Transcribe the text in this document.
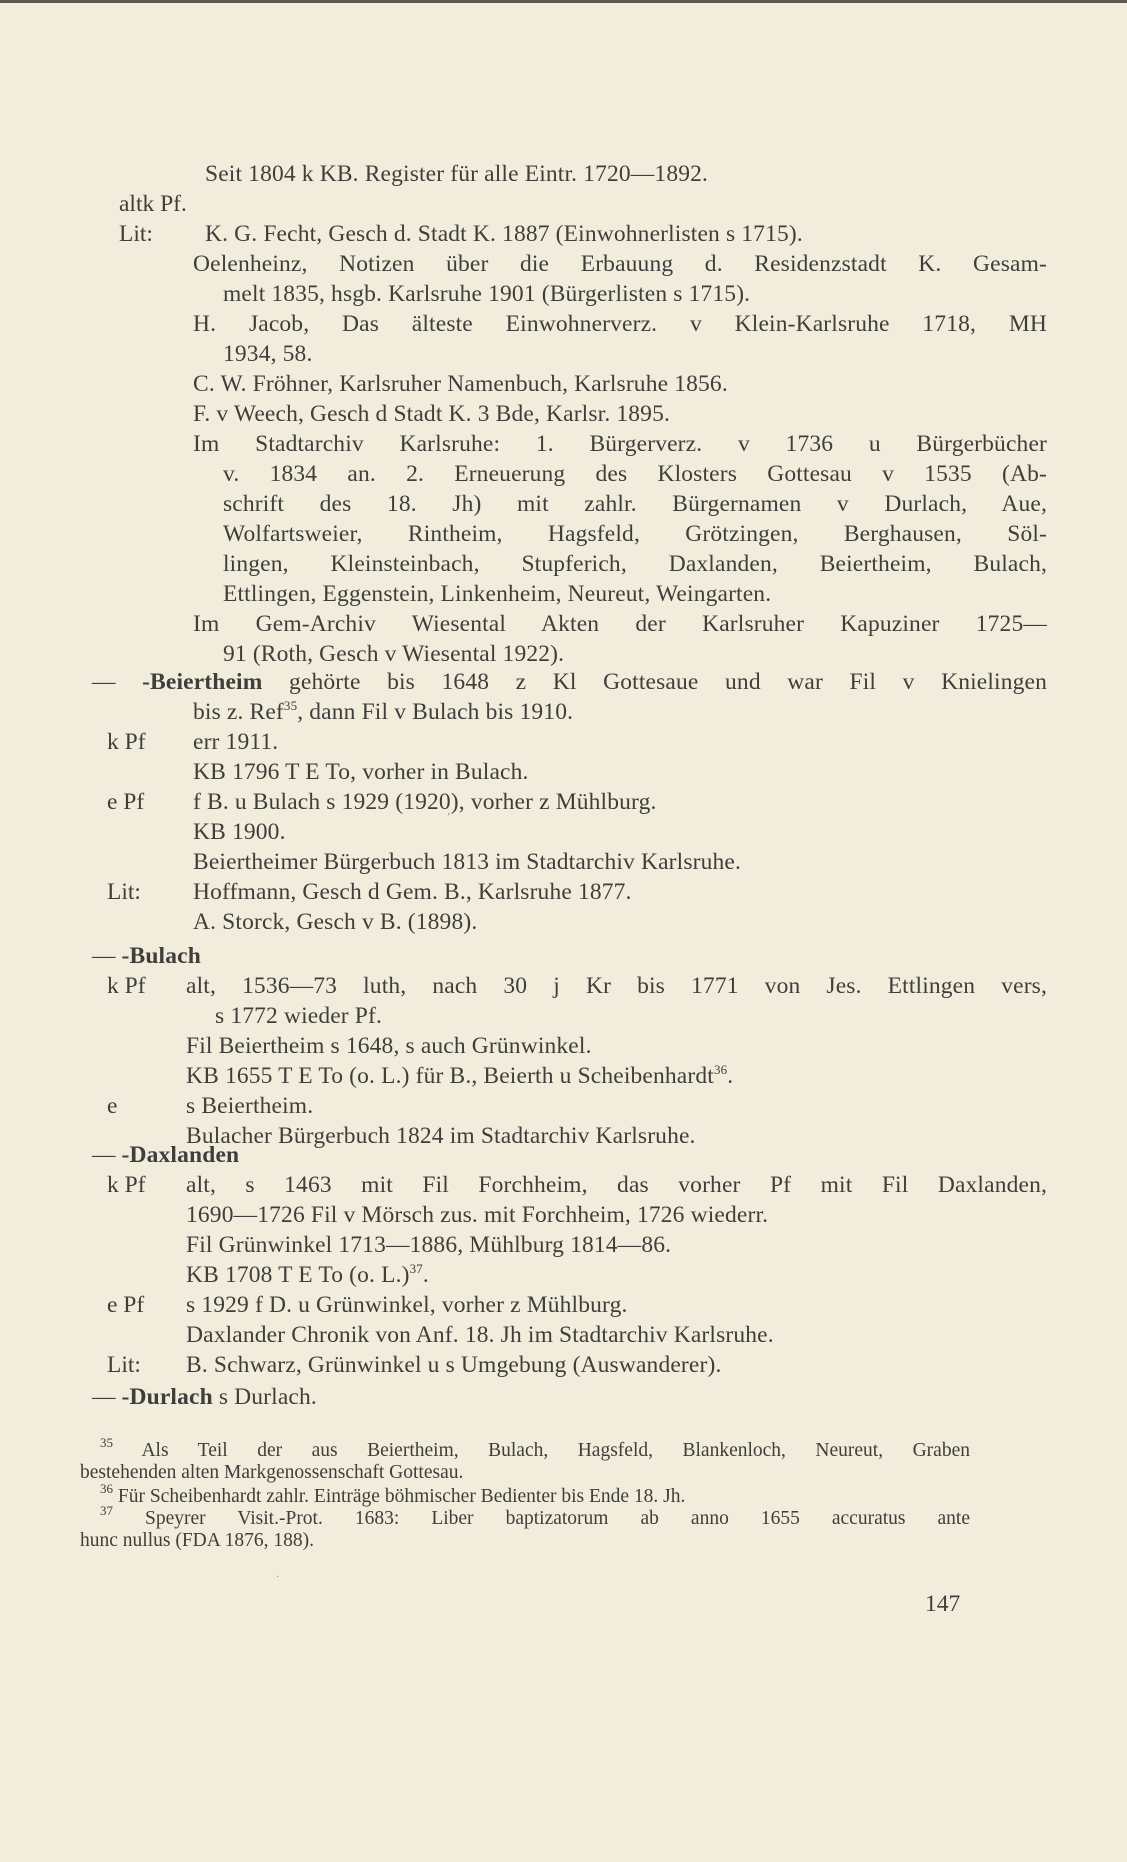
Seit 1804 k KB. Register für alle Eintr. 1720—1892.
altk Pf.
Lit: K. G. Fecht, Gesch d. Stadt K. 1887 (Einwohnerlisten s 1715).
Oelenheinz, Notizen über die Erbauung d. Residenzstadt K. Gesam-
melt 1835, hsgb. Karlsruhe 1901 (Bürgerlisten s 1715).
H. Jacob, Das älteste Einwohnerverz. v Klein-Karlsruhe 1718, MH
1934, 58.
C. W. Fröhner, Karlsruher Namenbuch, Karlsruhe 1856.
F. v Weech, Gesch d Stadt K. 3 Bde, Karlsr. 1895.
Im Stadtarchiv Karlsruhe: 1. Bürgerverz. v 1736 u Bürgerbücher
v. 1834 an. 2. Erneuerung des Klosters Gottesau v 1535 (Ab-
schrift des 18. Jh) mit zahlr. Bürgernamen v Durlach, Aue,
Wolfartsweier, Rintheim, Hagsfeld, Grötzingen, Berghausen, Söl-
lingen, Kleinsteinbach, Stupferich, Daxlanden, Beiertheim, Bulach,
Ettlingen, Eggenstein, Linkenheim, Neureut, Weingarten.
Im Gem-Archiv Wiesental Akten der Karlsruher Kapuziner 1725—
91 (Roth, Gesch v Wiesental 1922).
— -Beiertheim gehörte bis 1648 z Kl Gottesaue und war Fil v Knielingen
bis z. Ref$^{35}$, dann Fil v Bulach bis 1910.
k Pf err 1911.
KB 1796 T E To, vorher in Bulach.
e Pf f B. u Bulach s 1929 (1920), vorher z Mühlburg.
KB 1900.
Beiertheimer Bürgerbuch 1813 im Stadtarchiv Karlsruhe.
Lit: Hoffmann, Gesch d Gem. B., Karlsruhe 1877.
A. Storck, Gesch v B. (1898).
— -Bulach
k Pf alt, 1536—73 luth, nach 30 j Kr bis 1771 von Jes. Ettlingen vers,
s 1772 wieder Pf.
Fil Beiertheim s 1648, s auch Grünwinkel.
KB 1655 T E To (o. L.) für B., Beierth u Scheibenhardt$^{36}$.
e	s Beiertheim.
Bulacher Bürgerbuch 1824 im Stadtarchiv Karlsruhe.
— -Daxlanden
k Pf alt, s 1463 mit Fil Forchheim, das vorher Pf mit Fil Daxlanden,
1690—1726 Fil v Mörsch zus. mit Forchheim, 1726 wiederr.
Fil Grünwinkel 1713—1886, Mühlburg 1814—86.
KB 1708 T E To (o. L.)$^{37}$.
e Pf s 1929 f D. u Grünwinkel, vorher z Mühlburg.
Daxlander Chronik von Anf. 18. Jh im Stadtarchiv Karlsruhe.
Lit: B. Schwarz, Grünwinkel u s Umgebung (Auswanderer).
— -Durlach s Durlach.
$^{35}$ Als Teil der aus Beiertheim, Bulach, Hagsfeld, Blankenloch, Neureut, Graben
bestehenden alten Markgenossenschaft Gottesau.
$^{36}$ Für Scheibenhardt zahlr. Einträge böhmischer Bedienter bis Ende 18. Jh.
$^{37}$ Speyrer Visit.-Prot. 1683: Liber baptizatorum ab anno 1655 accuratus ante
hunc nullus (FDA 1876, 188).
147
ʼ
·
